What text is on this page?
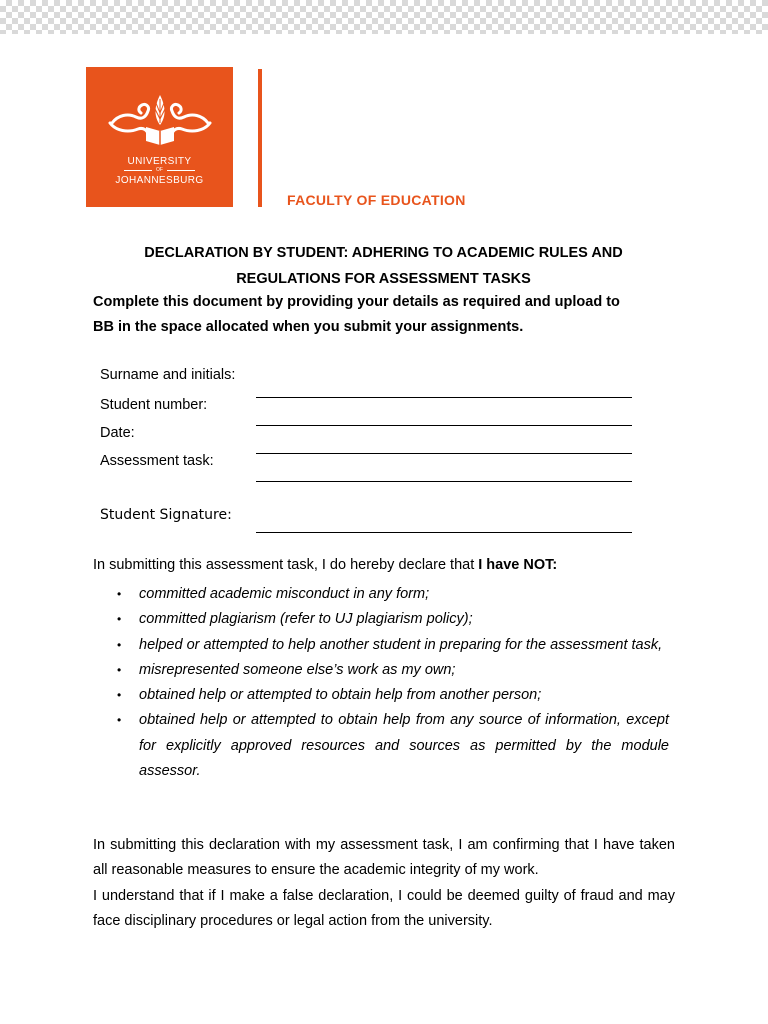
UNIVERSITY
OF
JOHANNESBURG
FACULTY OF EDUCATION
DECLARATION BY STUDENT: ADHERING TO ACADEMIC RULES AND
REGULATIONS FOR ASSESSMENT TASKS
Complete this document by providing your details as required and upload to
BB in the space allocated when you submit your assignments.
Surname and initials:
Student number:
Date:
Assessment task:
Student Signature:
In submitting this assessment task, I do hereby declare that I have NOT:
• committed academic misconduct in any form;
• committed plagiarism (refer to UJ plagiarism policy);
• helped or attempted to help another student in preparing for the assessment task,
• misrepresented someone else’s work as my own;
• obtained help or attempted to obtain help from another person;
• obtained help or attempted to obtain help from any source of information, except for explicitly approved resources and sources as permitted by the module assessor.
In submitting this declaration with my assessment task, I am confirming that I have taken all reasonable measures to ensure the academic integrity of my work.
I understand that if I make a false declaration, I could be deemed guilty of fraud and may face disciplinary procedures or legal action from the university.
